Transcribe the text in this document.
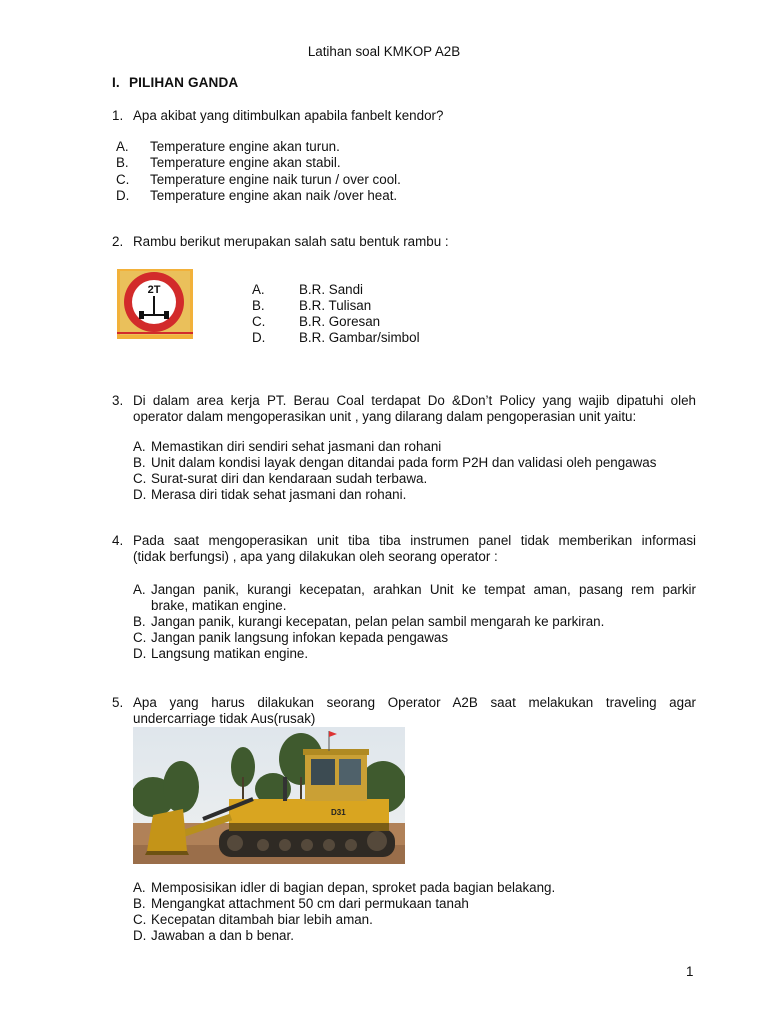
Latihan soal KMKOP A2B
I. PILIHAN GANDA
1. Apa akibat yang ditimbulkan apabila fanbelt kendor?
A. Temperature engine akan turun.
B. Temperature engine akan stabil.
C. Temperature engine naik turun / over cool.
D. Temperature engine akan naik /over heat.
2. Rambu berikut merupakan salah satu bentuk rambu :
2T	A.	B.R. Sandi
B.	B.R. Tulisan
C.	B.R. Goresan
D.	B.R. Gambar/simbol
3. Di dalam area kerja PT. Berau Coal terdapat Do &Don’t Policy yang wajib dipatuhi oleh
operator dalam mengoperasikan unit , yang dilarang dalam pengoperasian unit yaitu:
A. Memastikan diri sendiri sehat jasmani dan rohani
B. Unit dalam kondisi layak dengan ditandai pada form P2H dan validasi oleh pengawas
C. Surat-surat diri dan kendaraan sudah terbawa.
D. Merasa diri tidak sehat jasmani dan rohani.
4. Pada saat mengoperasikan unit tiba tiba instrumen panel tidak memberikan informasi
(tidak berfungsi) , apa yang dilakukan oleh seorang operator :
A. Jangan panik, kurangi kecepatan, arahkan Unit ke tempat aman, pasang rem parkir
brake, matikan engine.
B. Jangan panik, kurangi kecepatan, pelan pelan sambil mengarah ke parkiran.
C. Jangan panik langsung infokan kepada pengawas
D. Langsung matikan engine.
5. Apa yang harus dilakukan seorang Operator A2B saat melakukan traveling agar
undercarriage tidak Aus(rusak)
D31
A. Memposisikan idler di bagian depan, sproket pada bagian belakang.
B. Mengangkat attachment 50 cm dari permukaan tanah
C. Kecepatan ditambah biar lebih aman.
D. Jawaban a dan b benar.
1
